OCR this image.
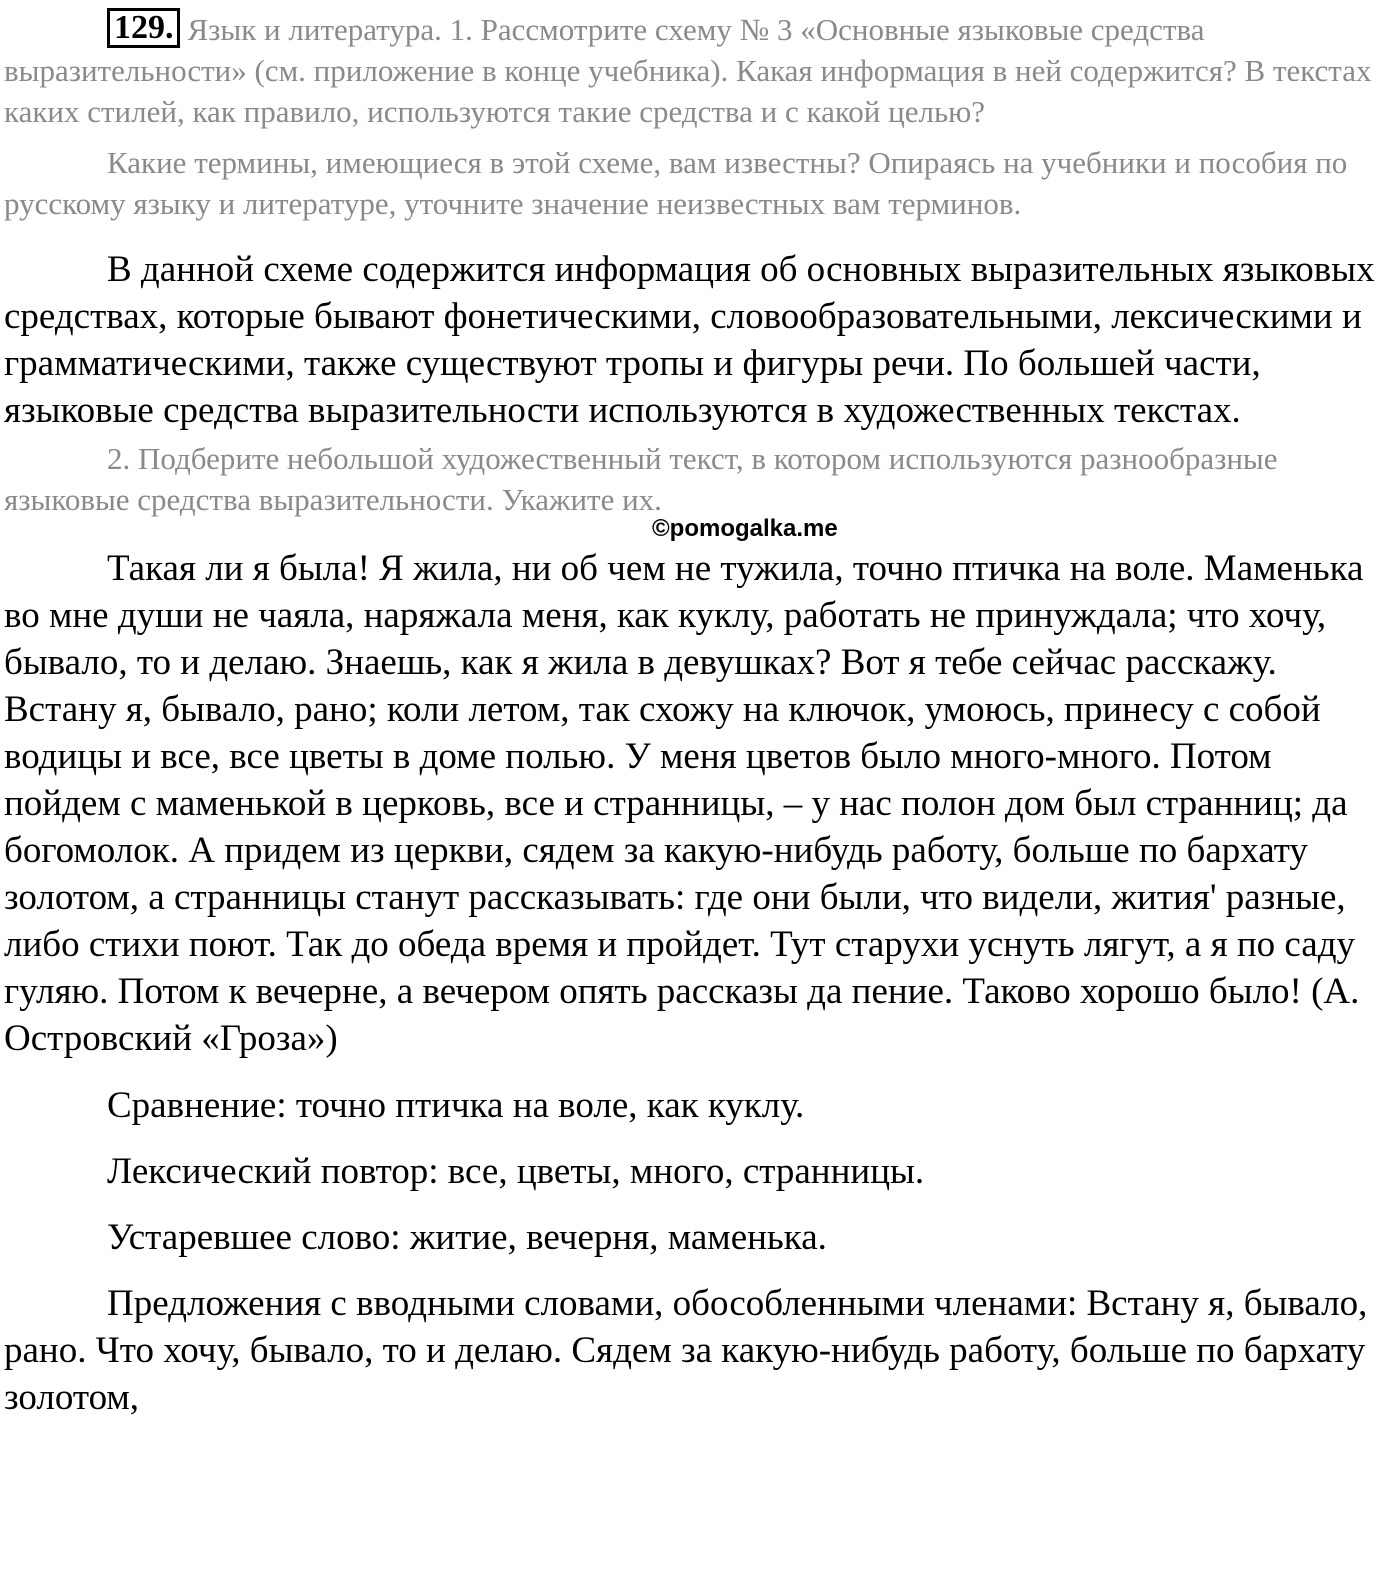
129. Язык и литература. 1. Рассмотрите схему № 3 «Основные языковые средства выразительности» (см. приложение в конце учебника). Какая информация в ней содержится? В текстах каких стилей, как правило, используются такие средства и с какой целью?

Какие термины, имеющиеся в этой схеме, вам известны? Опираясь на учебники и пособия по русскому языку и литературе, уточните значение неизвестных вам терминов.

В данной схеме содержится информация об основных выразительных языковых средствах, которые бывают фонетическими, словообразовательными, лексическими и грамматическими, также существуют тропы и фигуры речи. По большей части, языковые средства выразительности используются в художественных текстах.

©pomogalka.me

2. Подберите небольшой художественный текст, в котором используются разнообразные языковые средства выразительности. Укажите их.

Такая ли я была! Я жила, ни об чем не тужила, точно птичка на воле. Маменька во мне души не чаяла, наряжала меня, как куклу, работать не принуждала; что хочу, бывало, то и делаю. Знаешь, как я жила в девушках? Вот я тебе сейчас расскажу. Встану я, бывало, рано; коли летом, так схожу на ключок, умоюсь, принесу с собой водицы и все, все цветы в доме полью. У меня цветов было много-много. Потом пойдем с маменькой в церковь, все и странницы, – у нас полон дом был странниц; да богомолок. А придем из церкви, сядем за какую-нибудь работу, больше по бархату золотом, а странницы станут рассказывать: где они были, что видели, жития' разные, либо стихи поют. Так до обеда время и пройдет. Тут старухи уснуть лягут, а я по саду гуляю. Потом к вечерне, а вечером опять рассказы да пение. Таково хорошо было! (А. Островский «Гроза»)

Сравнение: точно птичка на воле, как куклу.

Лексический повтор: все, цветы, много, странницы.

Устаревшее слово: житие, вечерня, маменька.

Предложения с вводными словами, обособленными членами: Встану я, бывало, рано. Что хочу, бывало, то и делаю. Сядем за какую-нибудь работу, больше по бархату золотом,
